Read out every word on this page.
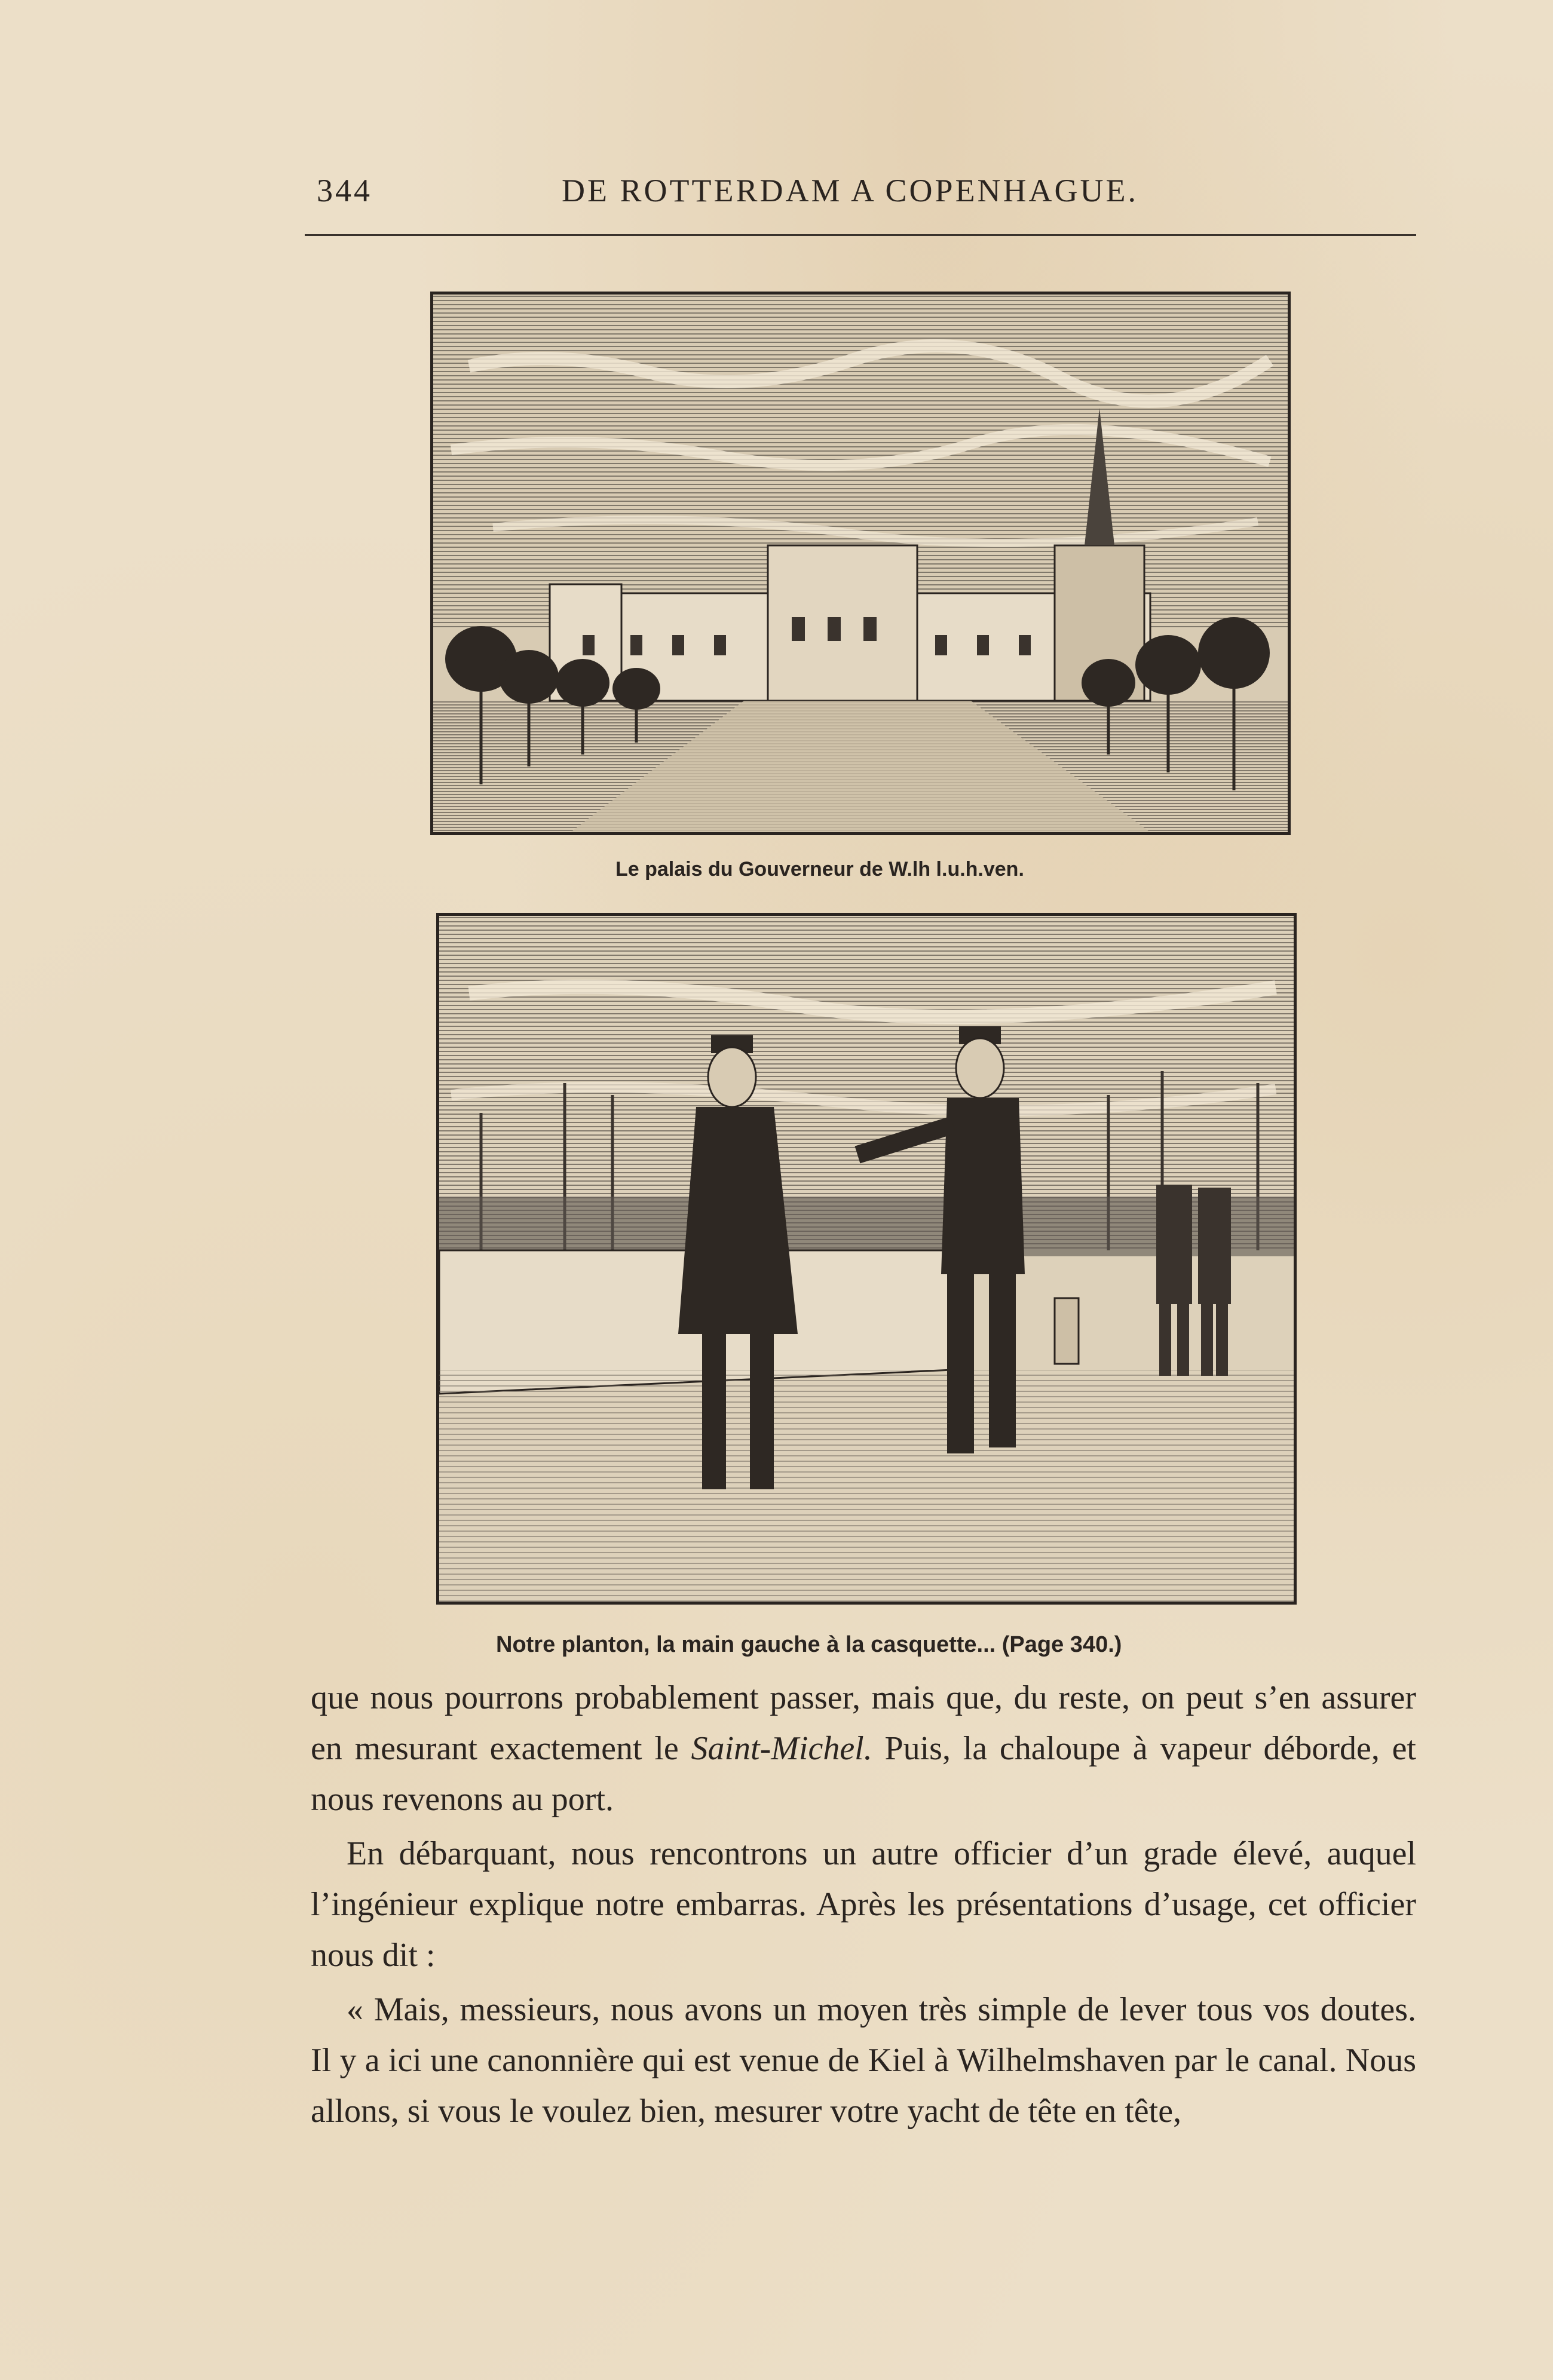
344	DE ROTTERDAM A COPENHAGUE.
Le palais du Gouverneur de W.lh l.u.h.ven.
Notre planton, la main gauche à la casquette... (Page 340.)

que nous pourrons probablement passer, mais que, du reste, on peut s’en assurer en mesurant exactement le Saint-Michel. Puis, la chaloupe à vapeur déborde, et nous revenons au port.

En débarquant, nous rencontrons un autre officier d’un grade élevé, auquel l’ingénieur explique notre embarras. Après les présentations d’usage, cet officier nous dit :

« Mais, messieurs, nous avons un moyen très simple de lever tous vos doutes. Il y a ici une canonnière qui est venue de Kiel à Wilhelmshaven par le canal. Nous allons, si vous le voulez bien, mesurer votre yacht de tête en tête,
